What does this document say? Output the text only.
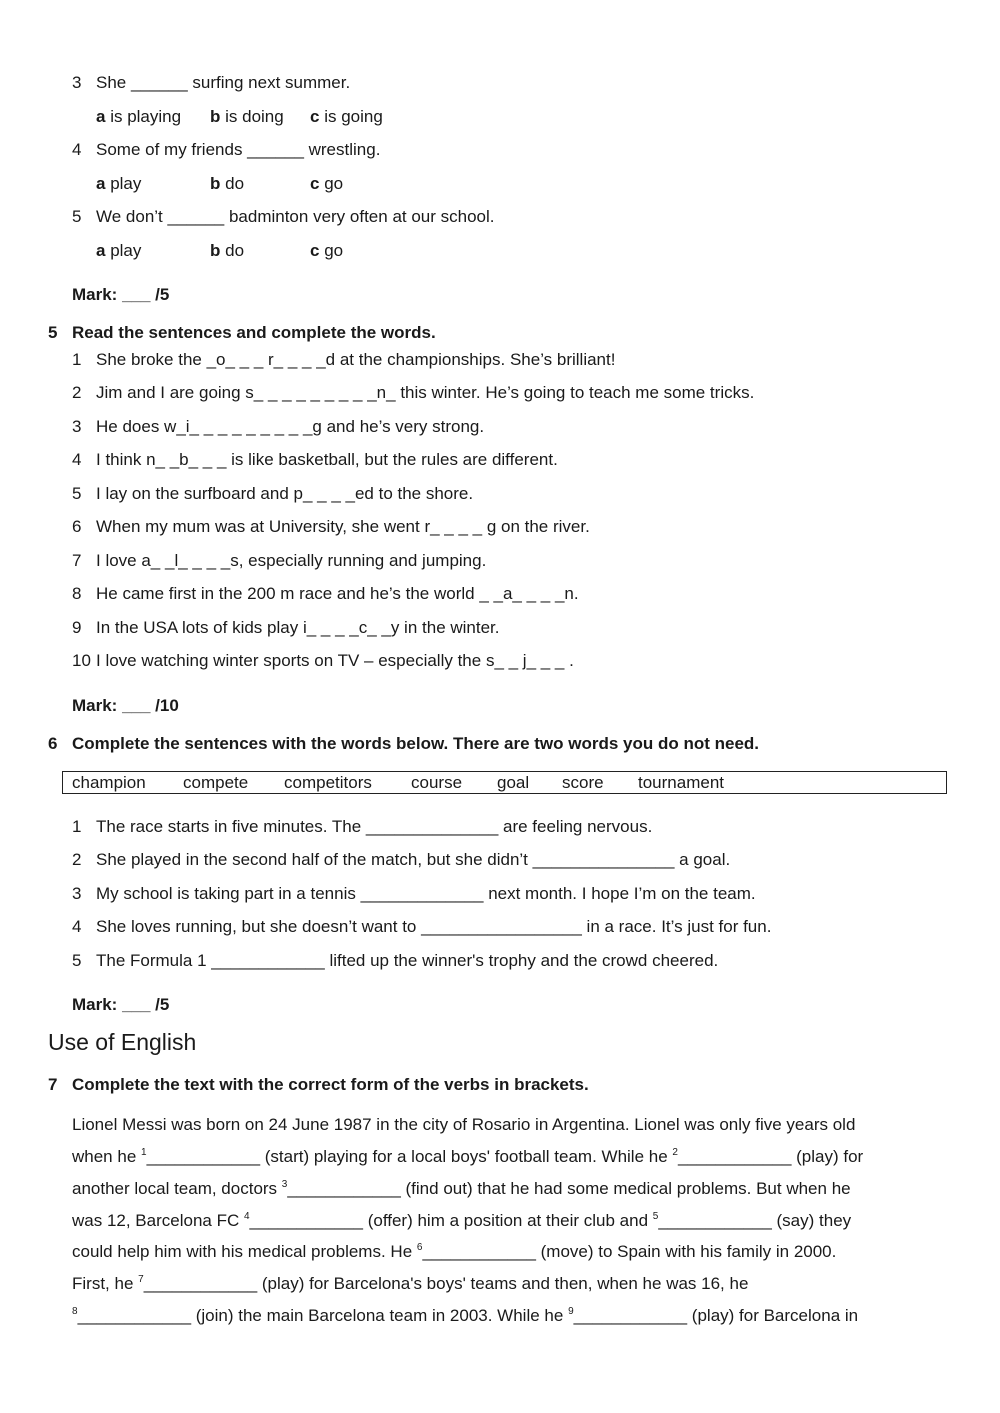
3 She ______ surfing next summer.
a is playing b is doing c is going
4 Some of my friends ______ wrestling.
a play	b do	c go
5 We don’t ______ badminton very often at our school.
a play	b do	c go
Mark: ___ /5
5 Read the sentences and complete the words.
1 She broke the _o_ _ _ r_ _ _ _d at the championships. She’s brilliant!
2 Jim and I are going s_ _ _ _ _ _ _ _ _n_ this winter. He’s going to teach me some tricks.
3 He does w_i_ _ _ _ _ _ _ _ _g and he’s very strong.
4 I think n_ _b_ _ _ is like basketball, but the rules are different.
5 I lay on the surfboard and p_ _ _ _ed to the shore.
6 When my mum was at University, she went r_ _ _ _ g on the river.
7 I love a_ _l_ _ _ _s, especially running and jumping.
8 He came first in the 200 m race and he’s the world _ _a_ _ _ _n.
9 In the USA lots of kids play i_ _ _ _c_ _y in the winter.
10 I love watching winter sports on TV – especially the s_ _ j_ _ _ .
Mark: ___ /10
6 Complete the sentences with the words below. There are two words you do not need.
champion compete competitors course goal score tournament
1 The race starts in five minutes. The ______________ are feeling nervous.
2 She played in the second half of the match, but she didn’t _______________ a goal.
3 My school is taking part in a tennis _____________ next month. I hope I’m on the team.
4 She loves running, but she doesn’t want to _________________ in a race. It’s just for fun.
5 The Formula 1 ____________ lifted up the winner's trophy and the crowd cheered.
Mark: ___ /5
Use of English
7 Complete the text with the correct form of the verbs in brackets.
Lionel Messi was born on 24 June 1987 in the city of Rosario in Argentina. Lionel was only five years old
when he $^1$____________ (start) playing for a local boys' football team. While he $^2$____________ (play) for
another local team, doctors $^3$____________ (find out) that he had some medical problems. But when he
was 12, Barcelona FC $^4$____________ (offer) him a position at their club and $^5$____________ (say) they
could help him with his medical problems. He $^6$____________ (move) to Spain with his family in 2000.
First, he $^7$____________ (play) for Barcelona's boys' teams and then, when he was 16, he
$^8$____________ (join) the main Barcelona team in 2003. While he $^9$____________ (play) for Barcelona in
